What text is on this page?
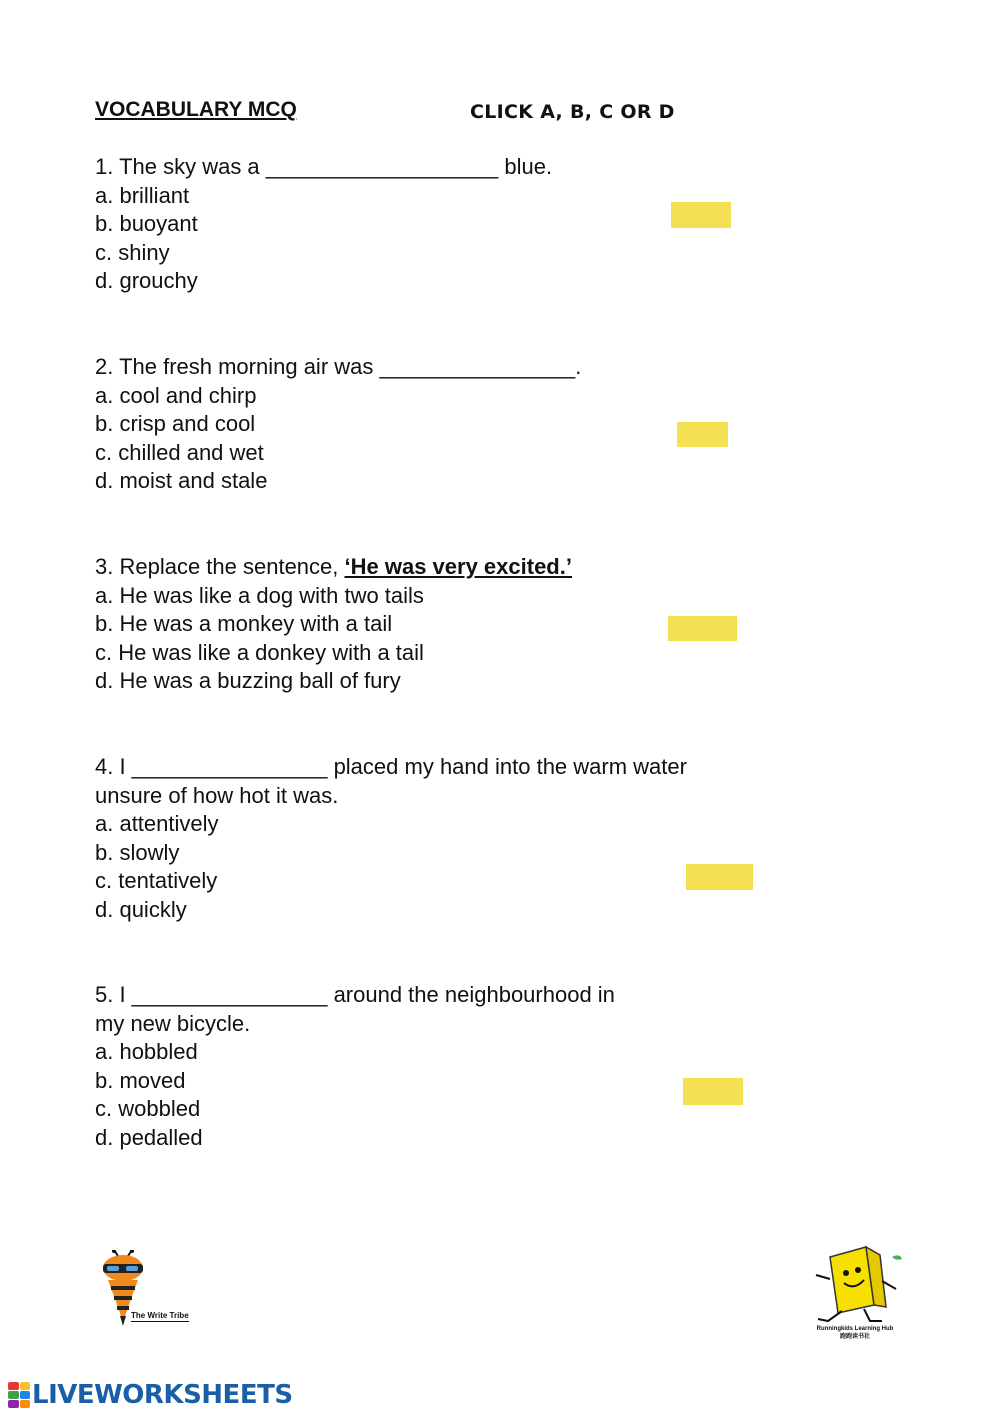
VOCABULARY MCQ	CLICK A, B, C OR D
1. The sky was a ___________________ blue.
a. brilliant
b. buoyant
c. shiny
d. grouchy
2. The fresh morning air was ________________.
a. cool and chirp
b. crisp and cool
c. chilled and wet
d. moist and stale
3. Replace the sentence, ‘He was very excited.’
a. He was like a dog with two tails
b. He was a monkey with a tail
c. He was like a donkey with a tail
d. He was a buzzing ball of fury
4. I ________________ placed my hand into the warm water
unsure of how hot it was.
a. attentively
b. slowly
c. tentatively
d. quickly
5. I ________________ around the neighbourhood in
my new bicycle.
a. hobbled
b. moved
c. wobbled
d. pedalled
The Write Tribe
Runningkids Learning Hub
跑跑读书社
LIVEWORKSHEETS
